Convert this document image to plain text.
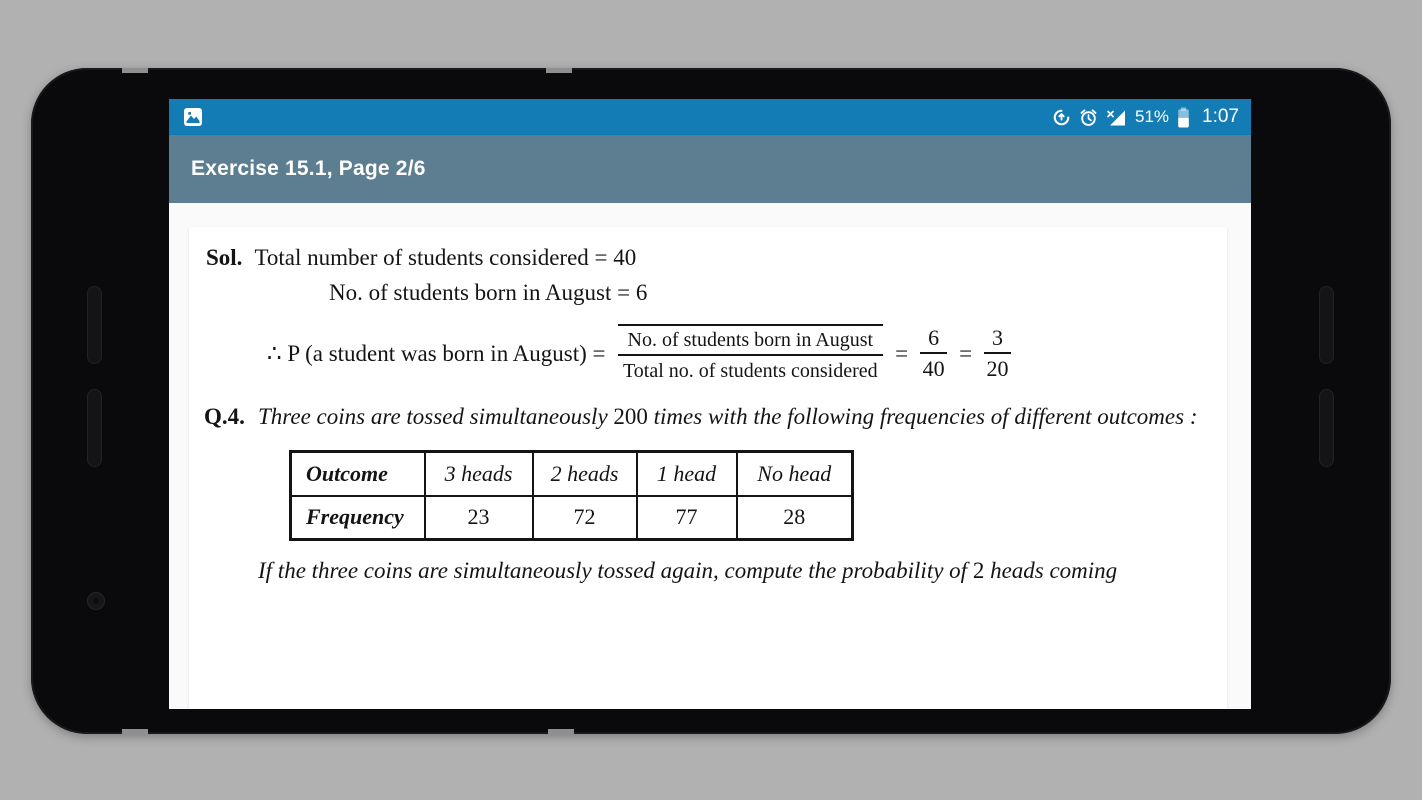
51% 1:07
Exercise 15.1, Page 2/6
Sol. Total number of students considered = 40
No. of students born in August = 6
∴ P (a student was born in August) = $\frac{\text{No. of students born in August}}{\text{Total no. of students considered}} = \frac{6}{40} = \frac{3}{20}$
Q.4. Three coins are tossed simultaneously 200 times with the following frequencies of different outcomes :
Outcome	3 heads	2 heads	1 head	No head
Frequency	23	72	77	28
If the three coins are simultaneously tossed again, compute the probability of 2 heads coming
